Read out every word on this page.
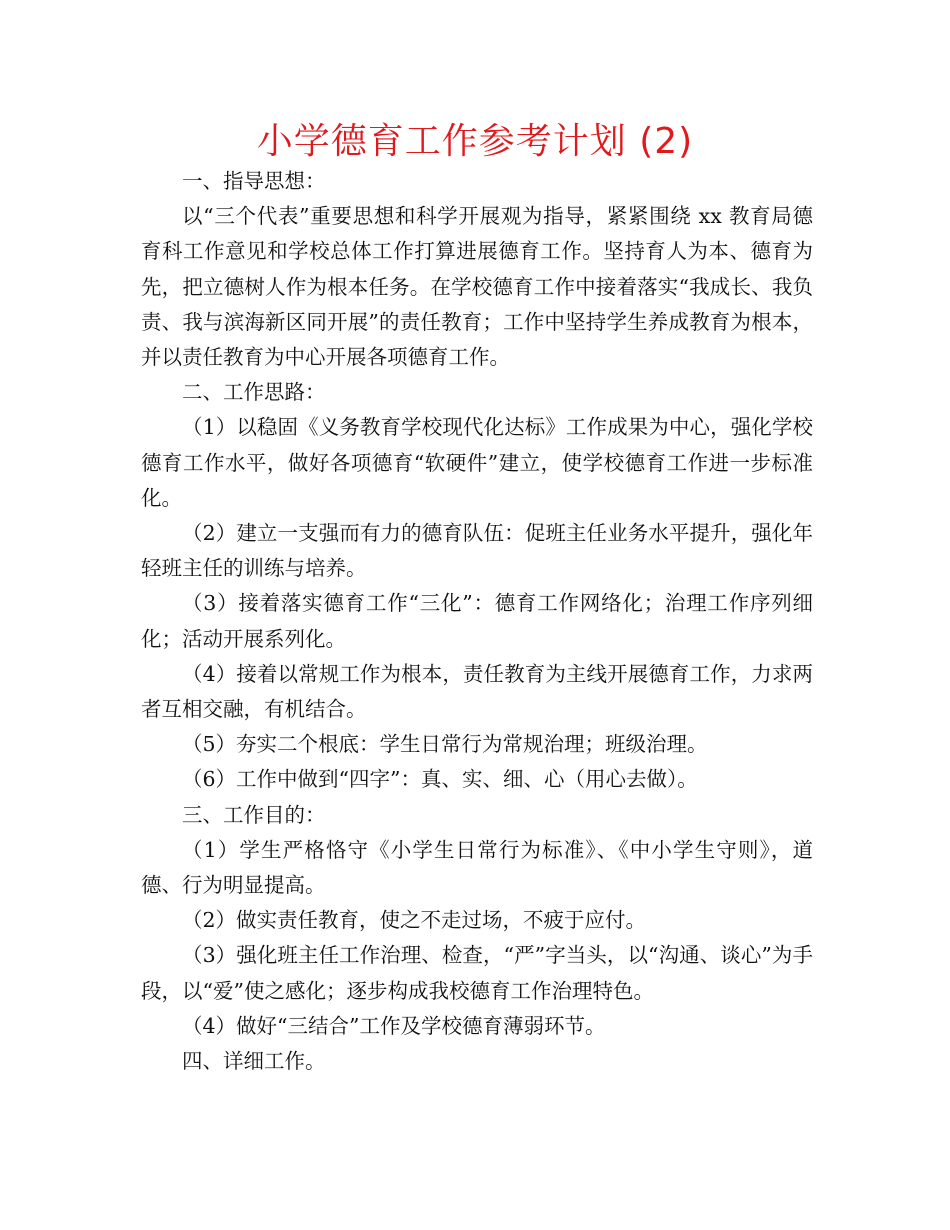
小学德育工作参考计划 (2)

一、指导思想：

以“三个代表”重要思想和科学开展观为指导，紧紧围绕 xx 教育局德育科工作意见和学校总体工作打算进展德育工作。坚持育人为本、德育为先，把立德树人作为根本任务。在学校德育工作中接着落实“我成长、我负责、我与滨海新区同开展”的责任教育；工作中坚持学生养成教育为根本，并以责任教育为中心开展各项德育工作。

二、工作思路：

（1）以稳固《义务教育学校现代化达标》工作成果为中心，强化学校德育工作水平，做好各项德育“软硬件”建立，使学校德育工作进一步标准化。

（2）建立一支强而有力的德育队伍：促班主任业务水平提升，强化年轻班主任的训练与培养。

（3）接着落实德育工作“三化”：德育工作网络化；治理工作序列细化；活动开展系列化。

（4）接着以常规工作为根本，责任教育为主线开展德育工作，力求两者互相交融，有机结合。

（5）夯实二个根底：学生日常行为常规治理；班级治理。

（6）工作中做到“四字”：真、实、细、心（用心去做）。

三、工作目的：

（1）学生严格恪守《小学生日常行为标准》、《中小学生守则》，道德、行为明显提高。

（2）做实责任教育，使之不走过场，不疲于应付。

（3）强化班主任工作治理、检查，“严”字当头，以“沟通、谈心”为手段，以“爱”使之感化；逐步构成我校德育工作治理特色。

（4）做好“三结合”工作及学校德育薄弱环节。

四、详细工作。
